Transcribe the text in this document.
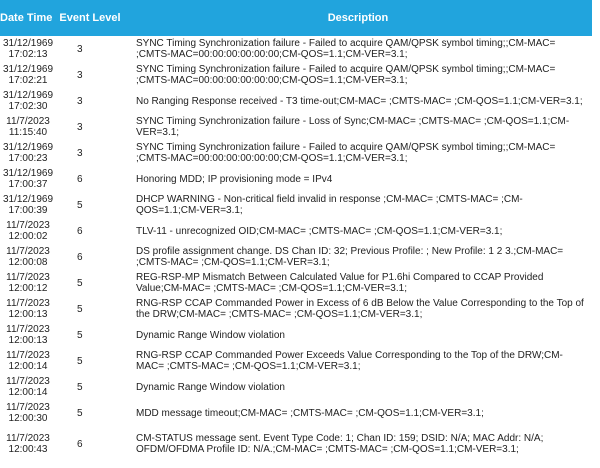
Date Time	Event Level	Description
31/12/1969
17:02:13	3	SYNC Timing Synchronization failure - Failed to acquire QAM/QPSK symbol timing;;CM-MAC= ;CMTS-MAC=00:00:00:00:00:00;CM-QOS=1.1;CM-VER=3.1;
31/12/1969
17:02:21	3	SYNC Timing Synchronization failure - Failed to acquire QAM/QPSK symbol timing;;CM-MAC= ;CMTS-MAC=00:00:00:00:00:00;CM-QOS=1.1;CM-VER=3.1;
31/12/1969
17:02:30	3	No Ranging Response received - T3 time-out;CM-MAC= ;CMTS-MAC= ;CM-QOS=1.1;CM-VER=3.1;
11/7/2023
11:15:40	3	SYNC Timing Synchronization failure - Loss of Sync;CM-MAC= ;CMTS-MAC= ;CM-QOS=1.1;CM-VER=3.1;
31/12/1969
17:00:23	3	SYNC Timing Synchronization failure - Failed to acquire QAM/QPSK symbol timing;;CM-MAC= ;CMTS-MAC=00:00:00:00:00:00;CM-QOS=1.1;CM-VER=3.1;
31/12/1969
17:00:37	6	Honoring MDD; IP provisioning mode = IPv4
31/12/1969
17:00:39	5	DHCP WARNING - Non-critical field invalid in response ;CM-MAC= ;CMTS-MAC= ;CM-QOS=1.1;CM-VER=3.1;
11/7/2023
12:00:02	6	TLV-11 - unrecognized OID;CM-MAC= ;CMTS-MAC= ;CM-QOS=1.1;CM-VER=3.1;
11/7/2023
12:00:08	6	DS profile assignment change. DS Chan ID: 32; Previous Profile: ; New Profile: 1 2 3.;CM-MAC= ;CMTS-MAC= ;CM-QOS=1.1;CM-VER=3.1;
11/7/2023
12:00:12	5	REG-RSP-MP Mismatch Between Calculated Value for P1.6hi Compared to CCAP Provided Value;CM-MAC= ;CMTS-MAC= ;CM-QOS=1.1;CM-VER=3.1;
11/7/2023
12:00:13	5	RNG-RSP CCAP Commanded Power in Excess of 6 dB Below the Value Corresponding to the Top of the DRW;CM-MAC= ;CMTS-MAC= ;CM-QOS=1.1;CM-VER=3.1;
11/7/2023
12:00:13	5	Dynamic Range Window violation
11/7/2023
12:00:14	5	RNG-RSP CCAP Commanded Power Exceeds Value Corresponding to the Top of the DRW;CM-MAC= ;CMTS-MAC= ;CM-QOS=1.1;CM-VER=3.1;
11/7/2023
12:00:14	5	Dynamic Range Window violation
11/7/2023
12:00:30	5	MDD message timeout;CM-MAC= ;CMTS-MAC= ;CM-QOS=1.1;CM-VER=3.1;
11/7/2023
12:00:43	6	CM-STATUS message sent. Event Type Code: 1; Chan ID: 159; DSID: N/A; MAC Addr: N/A; OFDM/OFDMA Profile ID: N/A.;CM-MAC= ;CMTS-MAC= ;CM-QOS=1.1;CM-VER=3.1;
